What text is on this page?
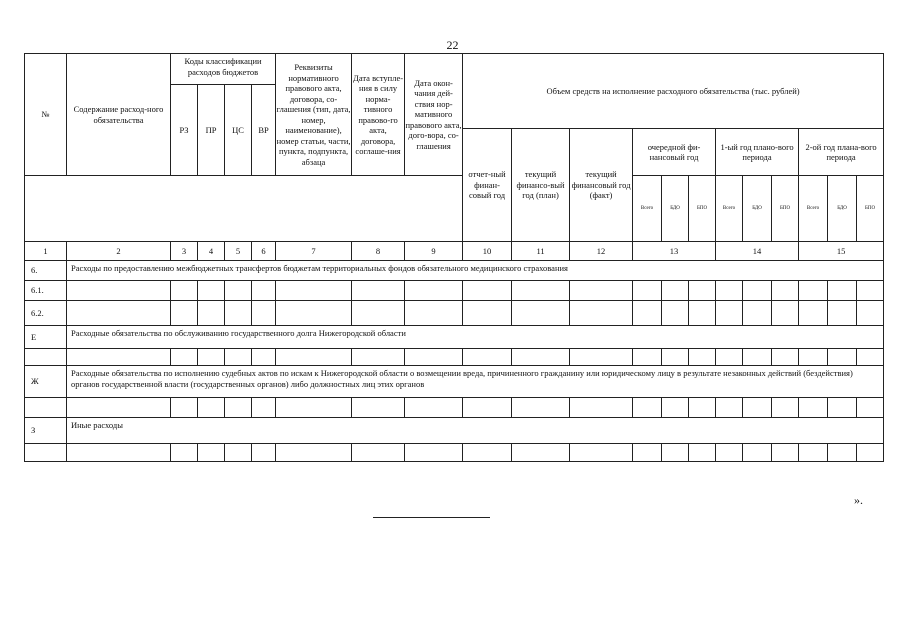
22
№	Содержание расход-ного обязательства	Коды классификации расходов бюджетов				Реквизиты нормативного правового акта, договора, со-глашения (тип, дата, номер, наименование), номер статьи, части, пункта, подпункта, абзаца	Дата вступле-ния в силу норма-тивного правово-го акта, договора, соглаше-ния	Дата окон-чания дей-ствия нор-мативного правового акта, дого-вора, со-глашения	Объем средств на исполнение расходного обязательства (тыс. рублей)											
		РЗ	ПР	ЦС	ВР															
									отчет-ный финан-совый год	текущий финансо-вый год (план)	текущий финансовый год (факт)	очередной фи-нансовый год			1-ый год плано-вого периода			2-ой год плана-вого периода		
												Всего	БДО	БПО	Всего	БДО	БПО	Всего	БДО	БПО
1	2	3	4	5	6	7	8	9	10	11	12	13			14			15		
6.	Расходы по предоставлению межбюджетных трансфертов бюджетам территориальных фондов обязательного медицинского страхования																			
6.1.																				
6.2.																				
Е	Расходные обязательства по обслуживанию государственного долга Нижегородской области																			

Ж	Расходные обязательства по исполнению судебных актов по искам к Нижегородской области о возмещении вреда, причиненного гражданину или юридическому лицу в результате незаконных действий (бездействия) органов государственной власти (государственных органов) либо должностных лиц этих органов																			

З	Иные расходы																			

».
